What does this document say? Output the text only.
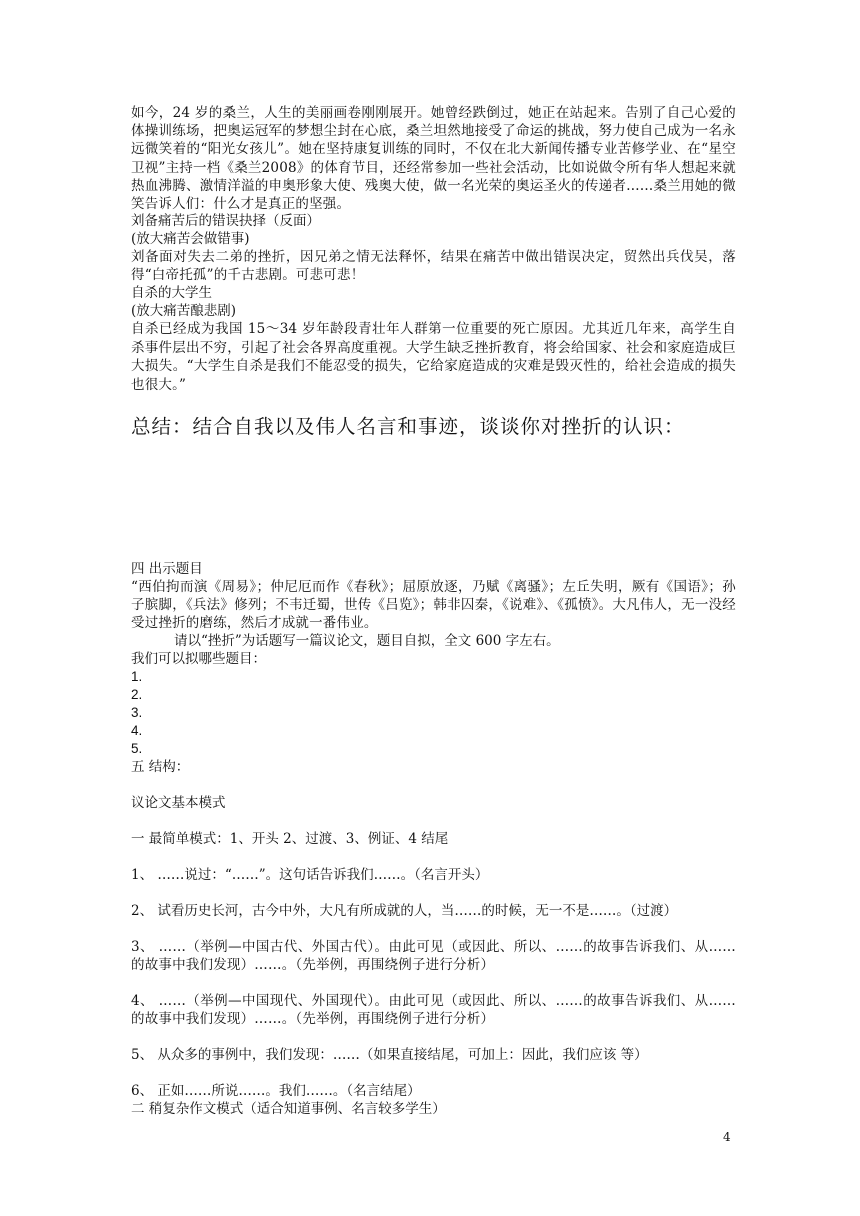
如今，24 岁的桑兰，人生的美丽画卷刚刚展开。她曾经跌倒过，她正在站起来。告别了自己心爱的体操训练场，把奥运冠军的梦想尘封在心底，桑兰坦然地接受了命运的挑战，努力使自己成为一名永远微笑着的“阳光女孩儿”。她在坚持康复训练的同时，不仅在北大新闻传播专业苦修学业、在“星空卫视”主持一档《桑兰2008》的体育节目，还经常参加一些社会活动，比如说做令所有华人想起来就热血沸腾、激情洋溢的申奥形象大使、残奥大使，做一名光荣的奥运圣火的传递者……桑兰用她的微笑告诉人们：什么才是真正的坚强。

刘备痛苦后的错误抉择（反面）

(放大痛苦会做错事)

刘备面对失去二弟的挫折，因兄弟之情无法释怀，结果在痛苦中做出错误决定，贸然出兵伐吴，落得“白帝托孤”的千古悲剧。可悲可悲！

自杀的大学生

(放大痛苦酿悲剧)

自杀已经成为我国 15～34 岁年龄段青壮年人群第一位重要的死亡原因。尤其近几年来，高学生自杀事件层出不穷，引起了社会各界高度重视。大学生缺乏挫折教育，将会给国家、社会和家庭造成巨大损失。“大学生自杀是我们不能忍受的损失，它给家庭造成的灾难是毁灭性的，给社会造成的损失也很大。”

总结：结合自我以及伟人名言和事迹，谈谈你对挫折的认识：

四 出示题目

“西伯拘而演《周易》；仲尼厄而作《春秋》；屈原放逐，乃赋《离骚》；左丘失明，厥有《国语》；孙子膑脚，《兵法》修列；不韦迁蜀，世传《吕览》；韩非囚秦，《说难》、《孤愤》。大凡伟人，无一没经受过挫折的磨练，然后才成就一番伟业。

请以“挫折”为话题写一篇议论文，题目自拟，全文 600 字左右。

我们可以拟哪些题目：

1.

2.

3.

4.

5.

五 结构：

议论文基本模式

一 最简单模式：1、开头 2、过渡、3、例证、4 结尾

1、 ……说过：“……”。这句话告诉我们……。（名言开头）

2、 试看历史长河，古今中外，大凡有所成就的人，当……的时候，无一不是……。（过渡）

3、 ……（举例—中国古代、外国古代）。由此可见（或因此、所以、……的故事告诉我们、从……的故事中我们发现）……。（先举例，再围绕例子进行分析）

4、 ……（举例—中国现代、外国现代）。由此可见（或因此、所以、……的故事告诉我们、从……的故事中我们发现）……。（先举例，再围绕例子进行分析）

5、 从众多的事例中，我们发现：……（如果直接结尾，可加上：因此，我们应该 等）

6、 正如……所说……。我们……。（名言结尾）

二 稍复杂作文模式（适合知道事例、名言较多学生）

4
